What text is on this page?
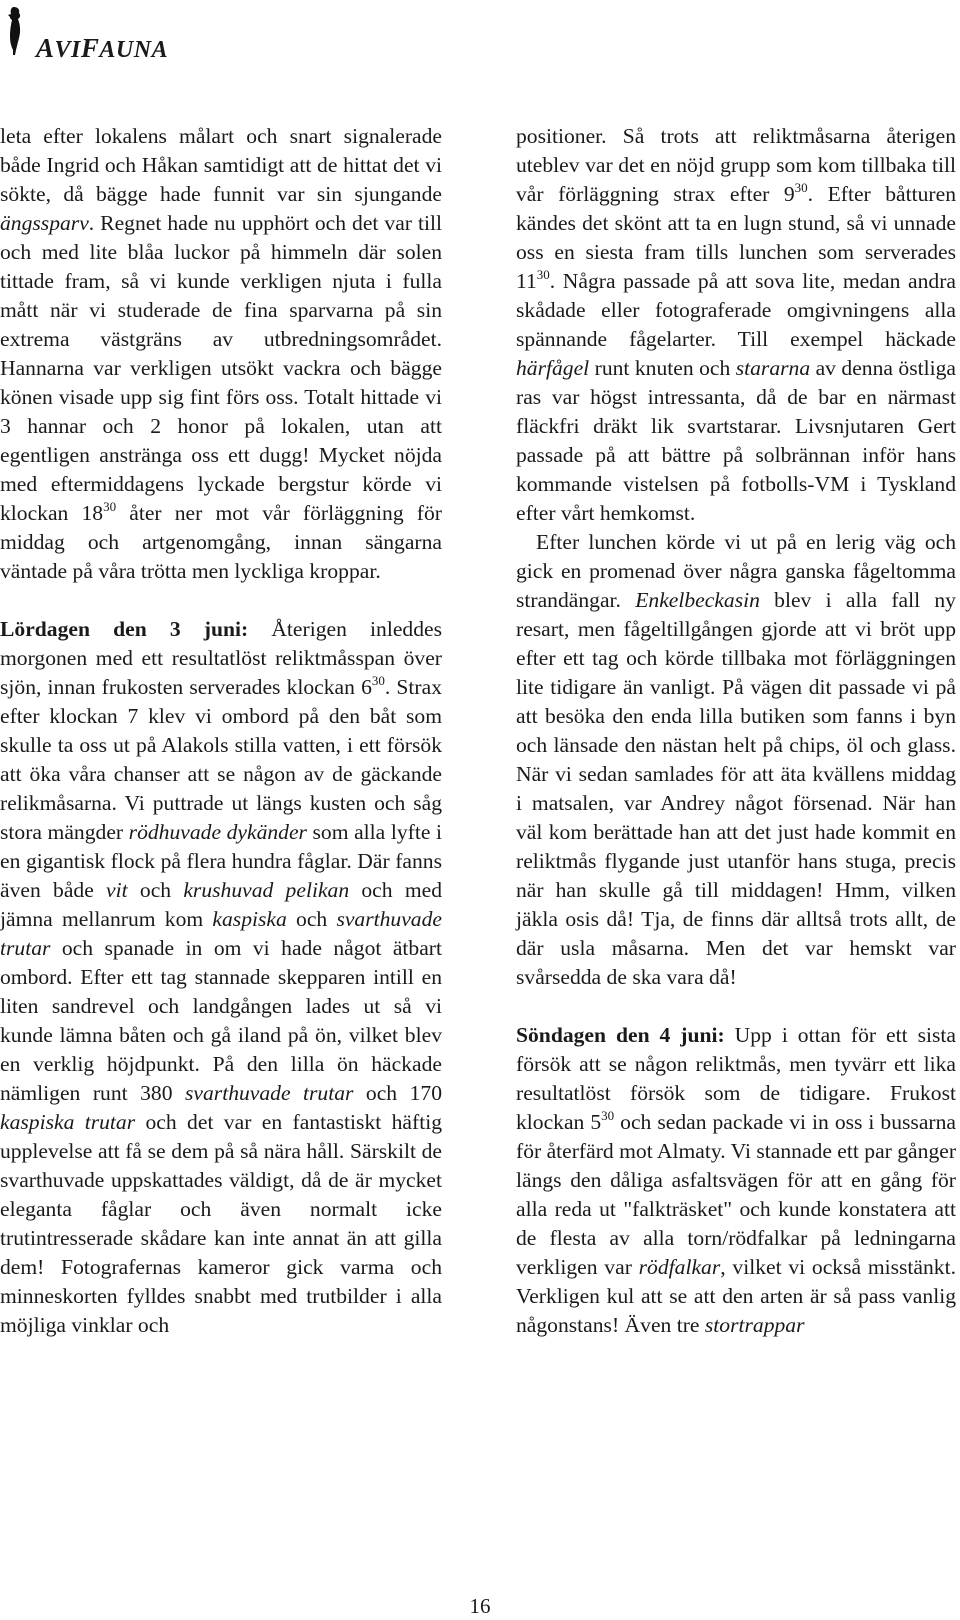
AVIFAUNA

leta efter lokalens målart och snart signalerade både Ingrid och Håkan samtidigt att de hittat det vi sökte, då bägge hade funnit var sin sjungande ängssparv. Regnet hade nu upphört och det var till och med lite blåa luckor på himmeln där solen tittade fram, så vi kunde verkligen njuta i fulla mått när vi studerade de fina sparvarna på sin extrema västgräns av utbredningsområdet. Hannarna var verkligen utsökt vackra och bägge könen visade upp sig fint förs oss. Totalt hittade vi 3 hannar och 2 honor på lokalen, utan att egentligen anstränga oss ett dugg! Mycket nöjda med eftermiddagens lyckade bergstur körde vi klockan $18^{30}$ åter ner mot vår förläggning för middag och artgenomgång, innan sängarna väntade på våra trötta men lyckliga kroppar.

Lördagen den 3 juni: Återigen inleddes morgonen med ett resultatlöst reliktmåsspan över sjön, innan frukosten serverades klockan $6^{30}$. Strax efter klockan 7 klev vi ombord på den båt som skulle ta oss ut på Alakols stilla vatten, i ett försök att öka våra chanser att se någon av de gäckande relikmåsarna. Vi puttrade ut längs kusten och såg stora mängder rödhuvade dykänder som alla lyfte i en gigantisk flock på flera hundra fåglar. Där fanns även både vit och krushuvad pelikan och med jämna mellanrum kom kaspiska och svarthuvade trutar och spanade in om vi hade något ätbart ombord. Efter ett tag stannade skepparen intill en liten sandrevel och landgången lades ut så vi kunde lämna båten och gå iland på ön, vilket blev en verklig höjdpunkt. På den lilla ön häckade nämligen runt 380 svarthuvade trutar och 170 kaspiska trutar och det var en fantastiskt häftig upplevelse att få se dem på så nära håll. Särskilt de svarthuvade uppskattades väldigt, då de är mycket eleganta fåglar och även normalt icke trutintresserade skådare kan inte annat än att gilla dem! Fotografernas kameror gick varma och minneskorten fylldes snabbt med trutbilder i alla möjliga vinklar och

positioner. Så trots att reliktmåsarna återigen uteblev var det en nöjd grupp som kom tillbaka till vår förläggning strax efter $9^{30}$. Efter båtturen kändes det skönt att ta en lugn stund, så vi unnade oss en siesta fram tills lunchen som serverades $11^{30}$. Några passade på att sova lite, medan andra skådade eller fotograferade omgivningens alla spännande fågelarter. Till exempel häckade härfågel runt knuten och stararna av denna östliga ras var högst intressanta, då de bar en närmast fläckfri dräkt lik svartstarar. Livsnjutaren Gert passade på att bättre på solbrännan inför hans kommande vistelsen på fotbolls-VM i Tyskland efter vårt hemkomst.

Efter lunchen körde vi ut på en lerig väg och gick en promenad över några ganska fågeltomma strandängar. Enkelbeckasin blev i alla fall ny resart, men fågeltillgången gjorde att vi bröt upp efter ett tag och körde tillbaka mot förläggningen lite tidigare än vanligt. På vägen dit passade vi på att besöka den enda lilla butiken som fanns i byn och länsade den nästan helt på chips, öl och glass. När vi sedan samlades för att äta kvällens middag i matsalen, var Andrey något försenad. När han väl kom berättade han att det just hade kommit en reliktmås flygande just utanför hans stuga, precis när han skulle gå till middagen! Hmm, vilken jäkla osis då! Tja, de finns där alltså trots allt, de där usla måsarna. Men det var hemskt var svårsedda de ska vara då!

Söndagen den 4 juni: Upp i ottan för ett sista försök att se någon reliktmås, men tyvärr ett lika resultatlöst försök som de tidigare. Frukost klockan $5^{30}$ och sedan packade vi in oss i bussarna för återfärd mot Almaty. Vi stannade ett par gånger längs den dåliga asfaltsvägen för att en gång för alla reda ut "falkträsket" och kunde konstatera att de flesta av alla torn/rödfalkar på ledningarna verkligen var rödfalkar, vilket vi också misstänkt. Verkligen kul att se att den arten är så pass vanlig någonstans! Även tre stortrappar

16
